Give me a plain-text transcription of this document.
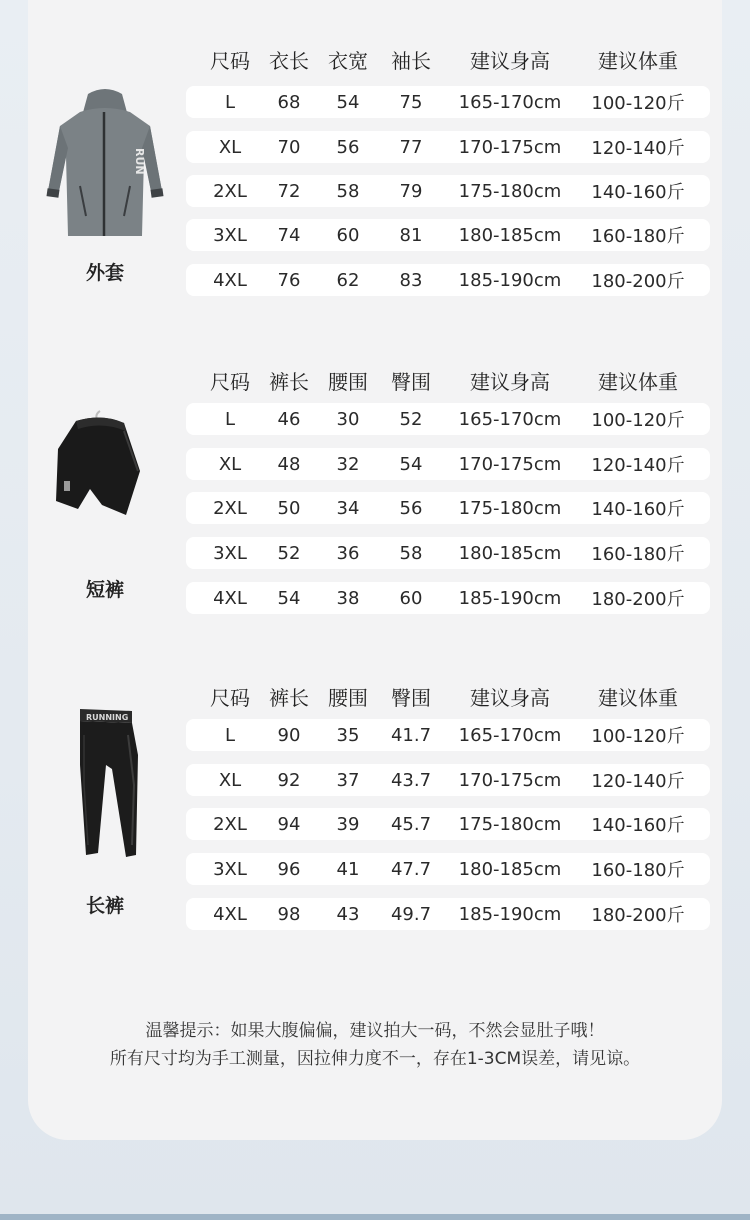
RUN
外套
尺码 衣长 衣宽	袖长	建议身高	建议体重
L	68	54	75	165-170cm	100-120斤
XL	70	56	77	170-175cm	120-140斤
2XL	72	58	79	175-180cm	140-160斤
3XL	74	60	81	180-185cm	160-180斤
4XL	76	62	83	185-190cm	180-200斤
短裤
尺码 裤长 腰围	臀围	建议身高	建议体重
L	46	30	52	165-170cm	100-120斤
XL	48	32	54	170-175cm	120-140斤
2XL	50	34	56	175-180cm	140-160斤
3XL	52	36	58	180-185cm	160-180斤
4XL	54	38	60	185-190cm	180-200斤
RUNNING
长裤
尺码 裤长 腰围	臀围	建议身高	建议体重
L	90	35	41.7	165-170cm	100-120斤
XL	92	37	43.7	170-175cm	120-140斤
2XL	94	39	45.7	175-180cm	140-160斤
3XL	96	41	47.7	180-185cm	160-180斤
4XL	98	43	49.7	185-190cm	180-200斤
温馨提示：如果大腹偏偏，建议拍大一码，不然会显肚子哦！
所有尺寸均为手工测量，因拉伸力度不一，存在1-3CM误差，请见谅。
